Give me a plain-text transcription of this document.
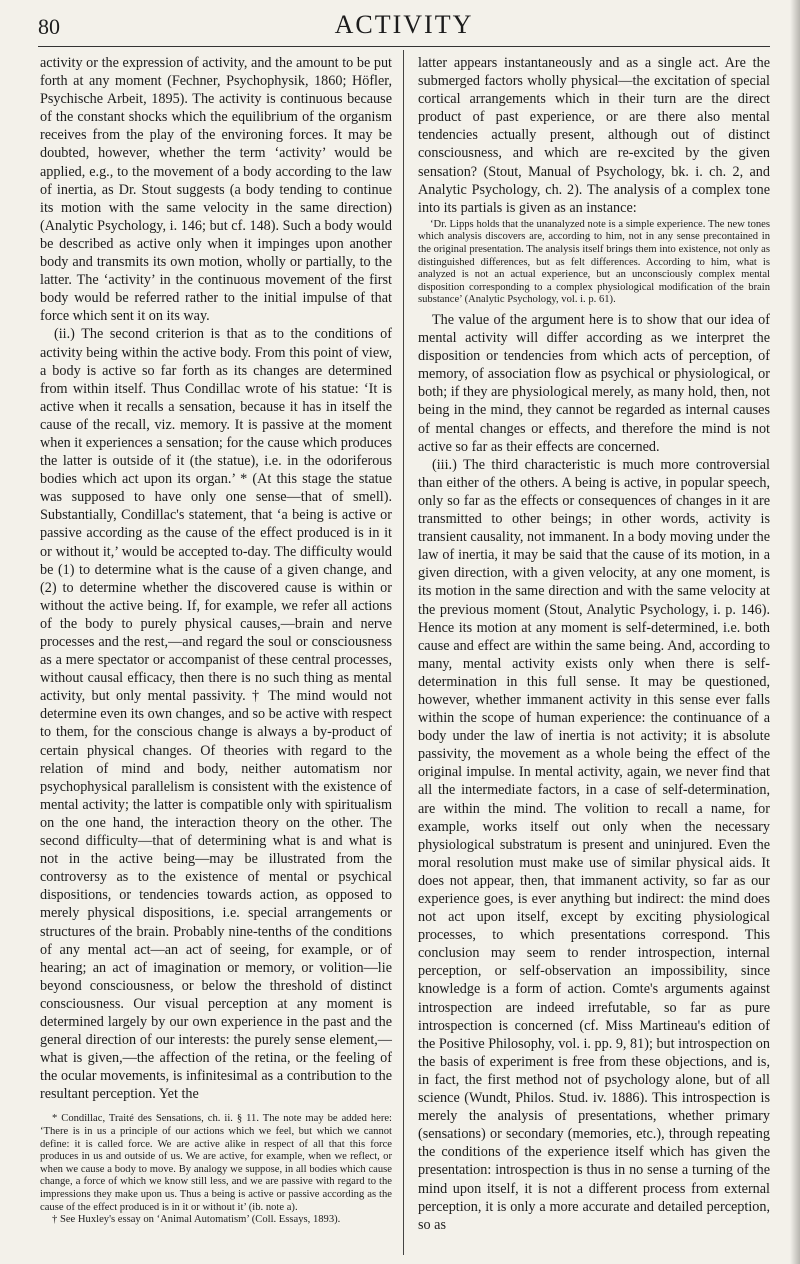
80	ACTIVITY

activity or the expression of activity, and the amount to be put forth at any moment (Fechner, Psychophysik, 1860; Höfler, Psychische Arbeit, 1895). The activity is continuous because of the constant shocks which the equilibrium of the organism receives from the play of the environing forces. It may be doubted, however, whether the term ‘activity’ would be applied, e.g., to the movement of a body according to the law of inertia, as Dr. Stout suggests (a body tending to continue its motion with the same velocity in the same direction) (Analytic Psychology, i. 146; but cf. 148). Such a body would be described as active only when it impinges upon another body and transmits its own motion, wholly or partially, to the latter. The ‘activity’ in the continuous movement of the first body would be referred rather to the initial impulse of that force which sent it on its way.

(ii.) The second criterion is that as to the conditions of activity being within the active body. From this point of view, a body is active so far forth as its changes are determined from within itself. Thus Condillac wrote of his statue: ‘It is active when it recalls a sensation, because it has in itself the cause of the recall, viz. memory. It is passive at the moment when it experiences a sensation; for the cause which produces the latter is outside of it (the statue), i.e. in the odoriferous bodies which act upon its organ.’ * (At this stage the statue was supposed to have only one sense—that of smell). Substantially, Condillac's statement, that ‘a being is active or passive according as the cause of the effect produced is in it or without it,’ would be accepted to-day. The difficulty would be (1) to determine what is the cause of a given change, and (2) to determine whether the discovered cause is within or without the active being. If, for example, we refer all actions of the body to purely physical causes,—brain and nerve processes and the rest,—and regard the soul or consciousness as a mere spectator or accompanist of these central processes, without causal efficacy, then there is no such thing as mental activity, but only mental passivity. † The mind would not determine even its own changes, and so be active with respect to them, for the conscious change is always a by-product of certain physical changes. Of theories with regard to the relation of mind and body, neither automatism nor psychophysical parallelism is consistent with the existence of mental activity; the latter is compatible only with spiritualism on the one hand, the interaction theory on the other. The second difficulty—that of determining what is and what is not in the active being—may be illustrated from the controversy as to the existence of mental or psychical dispositions, or tendencies towards action, as opposed to merely physical dispositions, i.e. special arrangements or structures of the brain. Probably nine-tenths of the conditions of any mental act—an act of seeing, for example, or of hearing; an act of imagination or memory, or volition—lie beyond consciousness, or below the threshold of distinct consciousness. Our visual perception at any moment is determined largely by our own experience in the past and the general direction of our interests: the purely sense element,—what is given,—the affection of the retina, or the feeling of the ocular movements, is infinitesimal as a contribution to the resultant perception. Yet the

* Condillac, Traité des Sensations, ch. ii. § 11. The note may be added here: ‘There is in us a principle of our actions which we feel, but which we cannot define: it is called force. We are active alike in respect of all that this force produces in us and outside of us. We are active, for example, when we reflect, or when we cause a body to move. By analogy we suppose, in all bodies which cause change, a force of which we know still less, and we are passive with regard to the impressions they make upon us. Thus a being is active or passive according as the cause of the effect produced is in it or without it’ (ib. note a).

† See Huxley's essay on ‘Animal Automatism’ (Coll. Essays, 1893).

latter appears instantaneously and as a single act. Are the submerged factors wholly physical—the excitation of special cortical arrangements which in their turn are the direct product of past experience, or are there also mental tendencies actually present, although out of distinct consciousness, and which are re-excited by the given sensation? (Stout, Manual of Psychology, bk. i. ch. 2, and Analytic Psychology, ch. 2). The analysis of a complex tone into its partials is given as an instance:

‘Dr. Lipps holds that the unanalyzed note is a simple experience. The new tones which analysis discovers are, according to him, not in any sense precontained in the original presentation. The analysis itself brings them into existence, not only as distinguished differences, but as felt differences. According to him, what is analyzed is not an actual experience, but an unconsciously complex mental disposition corresponding to a complex physiological modification of the brain substance’ (Analytic Psychology, vol. i. p. 61).

The value of the argument here is to show that our idea of mental activity will differ according as we interpret the disposition or tendencies from which acts of perception, of memory, of association flow as psychical or physiological, or both; if they are physiological merely, as many hold, then, not being in the mind, they cannot be regarded as internal causes of mental changes or effects, and therefore the mind is not active so far as their effects are concerned.

(iii.) The third characteristic is much more controversial than either of the others. A being is active, in popular speech, only so far as the effects or consequences of changes in it are transmitted to other beings; in other words, activity is transient causality, not immanent. In a body moving under the law of inertia, it may be said that the cause of its motion, in a given direction, with a given velocity, at any one moment, is its motion in the same direction and with the same velocity at the previous moment (Stout, Analytic Psychology, i. p. 146). Hence its motion at any moment is self-determined, i.e. both cause and effect are within the same being. And, according to many, mental activity exists only when there is self-determination in this full sense. It may be questioned, however, whether immanent activity in this sense ever falls within the scope of human experience: the continuance of a body under the law of inertia is not activity; it is absolute passivity, the movement as a whole being the effect of the original impulse. In mental activity, again, we never find that all the intermediate factors, in a case of self-determination, are within the mind. The volition to recall a name, for example, works itself out only when the necessary physiological substratum is present and uninjured. Even the moral resolution must make use of similar physical aids. It does not appear, then, that immanent activity, so far as our experience goes, is ever anything but indirect: the mind does not act upon itself, except by exciting physiological processes, to which presentations correspond. This conclusion may seem to render introspection, internal perception, or self-observation an impossibility, since knowledge is a form of action. Comte's arguments against introspection are indeed irrefutable, so far as pure introspection is concerned (cf. Miss Martineau's edition of the Positive Philosophy, vol. i. pp. 9, 81); but introspection on the basis of experiment is free from these objections, and is, in fact, the first method not of psychology alone, but of all science (Wundt, Philos. Stud. iv. 1886). This introspection is merely the analysis of presentations, whether primary (sensations) or secondary (memories, etc.), through repeating the conditions of the experience itself which has given the presentation: introspection is thus in no sense a turning of the mind upon itself, it is not a different process from external perception, it is only a more accurate and detailed perception, so as
